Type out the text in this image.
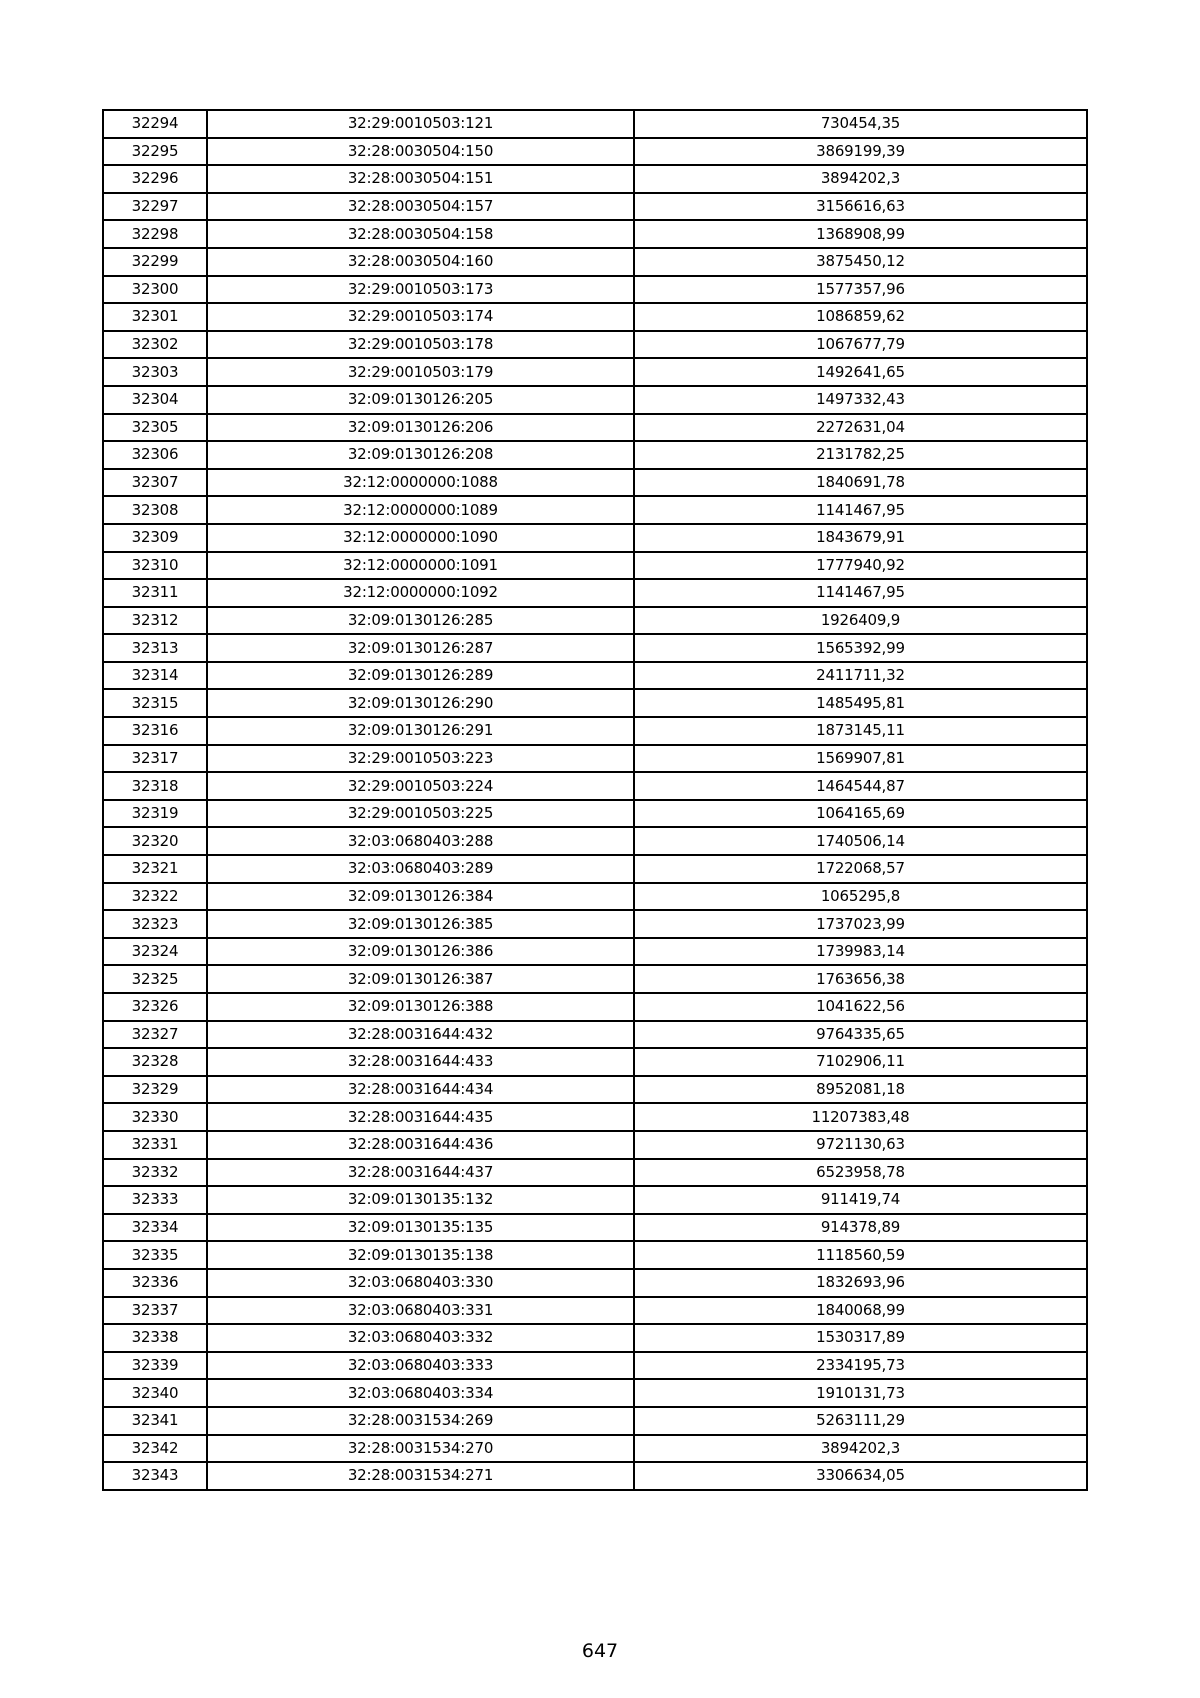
32294	32:29:0010503:121	730454,35
32295	32:28:0030504:150	3869199,39
32296	32:28:0030504:151	3894202,3
32297	32:28:0030504:157	3156616,63
32298	32:28:0030504:158	1368908,99
32299	32:28:0030504:160	3875450,12
32300	32:29:0010503:173	1577357,96
32301	32:29:0010503:174	1086859,62
32302	32:29:0010503:178	1067677,79
32303	32:29:0010503:179	1492641,65
32304	32:09:0130126:205	1497332,43
32305	32:09:0130126:206	2272631,04
32306	32:09:0130126:208	2131782,25
32307	32:12:0000000:1088	1840691,78
32308	32:12:0000000:1089	1141467,95
32309	32:12:0000000:1090	1843679,91
32310	32:12:0000000:1091	1777940,92
32311	32:12:0000000:1092	1141467,95
32312	32:09:0130126:285	1926409,9
32313	32:09:0130126:287	1565392,99
32314	32:09:0130126:289	2411711,32
32315	32:09:0130126:290	1485495,81
32316	32:09:0130126:291	1873145,11
32317	32:29:0010503:223	1569907,81
32318	32:29:0010503:224	1464544,87
32319	32:29:0010503:225	1064165,69
32320	32:03:0680403:288	1740506,14
32321	32:03:0680403:289	1722068,57
32322	32:09:0130126:384	1065295,8
32323	32:09:0130126:385	1737023,99
32324	32:09:0130126:386	1739983,14
32325	32:09:0130126:387	1763656,38
32326	32:09:0130126:388	1041622,56
32327	32:28:0031644:432	9764335,65
32328	32:28:0031644:433	7102906,11
32329	32:28:0031644:434	8952081,18
32330	32:28:0031644:435	11207383,48
32331	32:28:0031644:436	9721130,63
32332	32:28:0031644:437	6523958,78
32333	32:09:0130135:132	911419,74
32334	32:09:0130135:135	914378,89
32335	32:09:0130135:138	1118560,59
32336	32:03:0680403:330	1832693,96
32337	32:03:0680403:331	1840068,99
32338	32:03:0680403:332	1530317,89
32339	32:03:0680403:333	2334195,73
32340	32:03:0680403:334	1910131,73
32341	32:28:0031534:269	5263111,29
32342	32:28:0031534:270	3894202,3
32343	32:28:0031534:271	3306634,05
647
